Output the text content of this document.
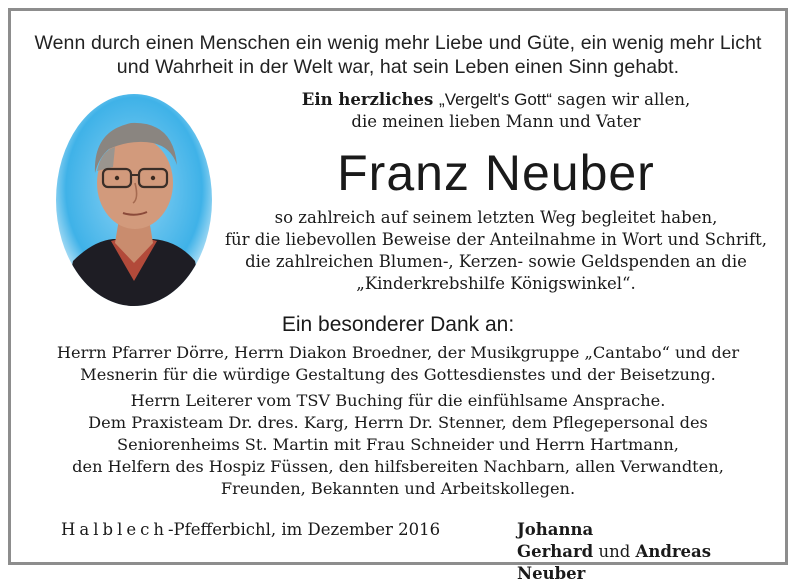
Wenn durch einen Menschen ein wenig mehr Liebe und Güte, ein wenig mehr Licht
und Wahrheit in der Welt war, hat sein Leben einen Sinn gehabt.
Ein herzliches „Vergelt's Gott“ sagen wir allen,
die meinen lieben Mann und Vater
Franz Neuber
so zahlreich auf seinem letzten Weg begleitet haben,
für die liebevollen Beweise der Anteilnahme in Wort und Schrift,
die zahlreichen Blumen-, Kerzen- sowie Geldspenden an die
„Kinderkrebshilfe Königswinkel“.
Ein besonderer Dank an:
Herrn Pfarrer Dörre, Herrn Diakon Broedner, der Musikgruppe „Cantabo“ und der
Mesnerin für die würdige Gestaltung des Gottesdienstes und der Beisetzung.
Herrn Leiterer vom TSV Buching für die einfühlsame Ansprache.
Dem Praxisteam Dr. dres. Karg, Herrn Dr. Stenner, dem Pflegepersonal des
Seniorenheims St. Martin mit Frau Schneider und Herrn Hartmann,
den Helfern des Hospiz Füssen, den hilfsbereiten Nachbarn, allen Verwandten,
Freunden, Bekannten und Arbeitskollegen.
Halblech-Pfefferbichl, im Dezember 2016	Johanna
Gerhard und Andreas Neuber
